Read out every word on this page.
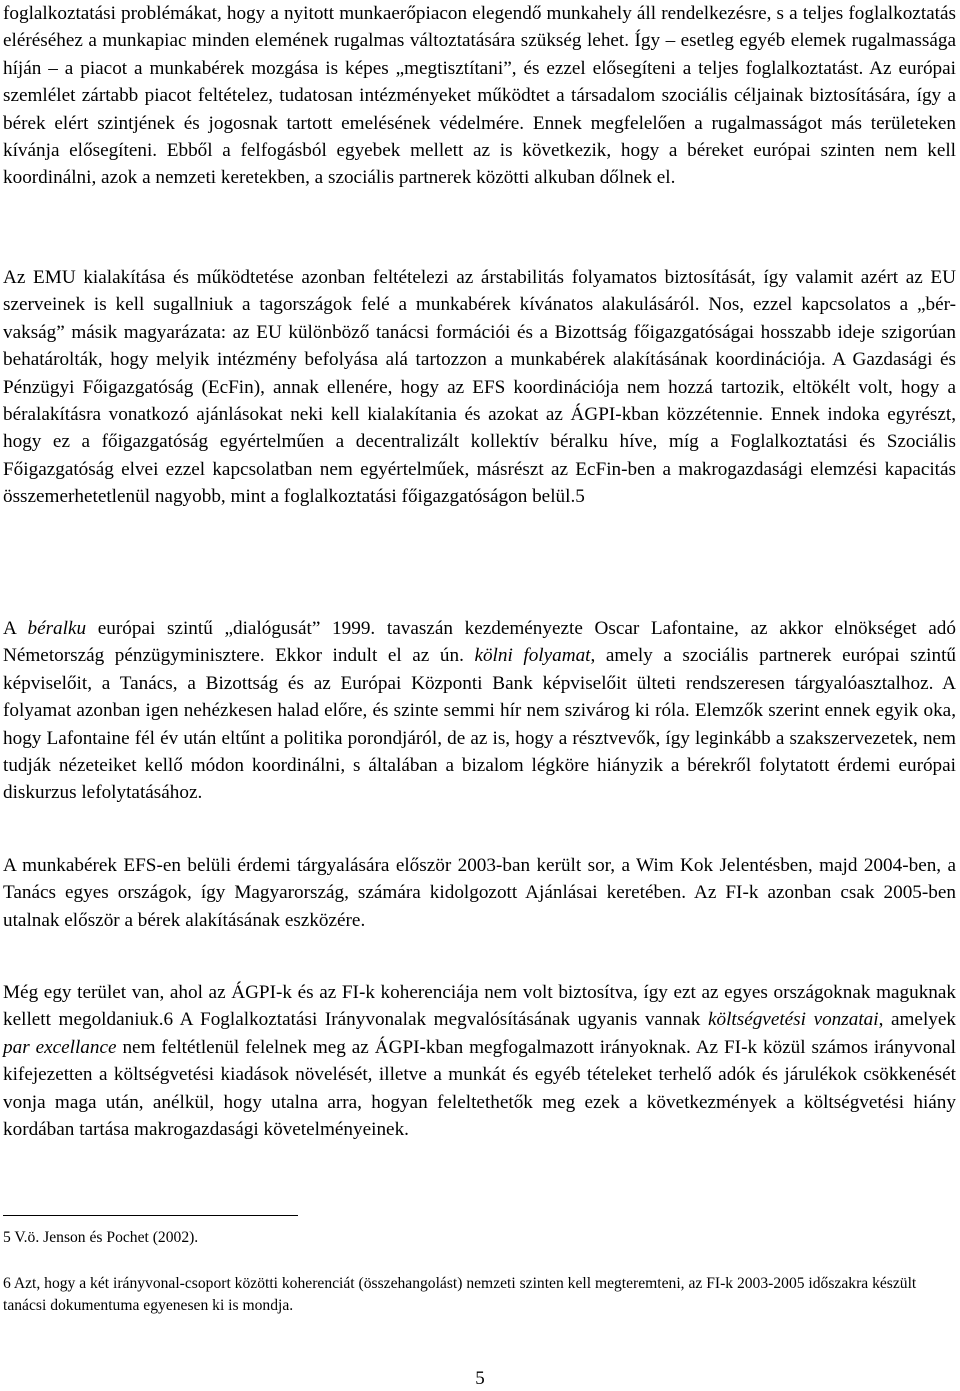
foglalkoztatási problémákat, hogy a nyitott munkaerőpiacon elegendő munkahely áll rendelkezésre, s a teljes foglalkoztatás eléréséhez a munkapiac minden elemének rugalmas változtatására szükség lehet. Így – esetleg egyéb elemek rugalmassága híján – a piacot a munkabérek mozgása is képes „megtisztítani”, és ezzel elősegíteni a teljes foglalkoztatást. Az európai szemlélet zártabb piacot feltételez, tudatosan intézményeket működtet a társadalom szociális céljainak biztosítására, így a bérek elért szintjének és jogosnak tartott emelésének védelmére. Ennek megfelelően a rugalmasságot más területeken kívánja elősegíteni. Ebből a felfogásból egyebek mellett az is következik, hogy a béreket európai szinten nem kell koordinálni, azok a nemzeti keretekben, a szociális partnerek közötti alkuban dőlnek el.

Az EMU kialakítása és működtetése azonban feltételezi az árstabilitás folyamatos biztosítását, így valamit azért az EU szerveinek is kell sugallniuk a tagországok felé a munkabérek kívánatos alakulásáról. Nos, ezzel kapcsolatos a „bér-vakság” másik magyarázata: az EU különböző tanácsi formációi és a Bizottság főigazgatóságai hosszabb ideje szigorúan behatárolták, hogy melyik intézmény befolyása alá tartozzon a munkabérek alakításának koordinációja. A Gazdasági és Pénzügyi Főigazgatóság (EcFin), annak ellenére, hogy az EFS koordinációja nem hozzá tartozik, eltökélt volt, hogy a béralakításra vonatkozó ajánlásokat neki kell kialakítania és azokat az ÁGPI-kban közzétennie. Ennek indoka egyrészt, hogy ez a főigazgatóság egyértelműen a decentralizált kollektív béralku híve, míg a Foglalkoztatási és Szociális Főigazgatóság elvei ezzel kapcsolatban nem egyértelműek, másrészt az EcFin-ben a makrogazdasági elemzési kapacitás összemerhetetlenül nagyobb, mint a foglalkoztatási főigazgatóságon belül.5

A béralku európai szintű „dialógusát” 1999. tavaszán kezdeményezte Oscar Lafontaine, az akkor elnökséget adó Németország pénzügyminisztere. Ekkor indult el az ún. kölni folyamat, amely a szociális partnerek európai szintű képviselőit, a Tanács, a Bizottság és az Európai Központi Bank képviselőit ülteti rendszeresen tárgyalóasztalhoz. A folyamat azonban igen nehézkesen halad előre, és szinte semmi hír nem szivárog ki róla. Elemzők szerint ennek egyik oka, hogy Lafontaine fél év után eltűnt a politika porondjáról, de az is, hogy a résztvevők, így leginkább a szakszervezetek, nem tudják nézeteiket kellő módon koordinálni, s általában a bizalom légköre hiányzik a bérekről folytatott érdemi európai diskurzus lefolytatásához.

A munkabérek EFS-en belüli érdemi tárgyalására először 2003-ban került sor, a Wim Kok Jelentésben, majd 2004-ben, a Tanács egyes országok, így Magyarország, számára kidolgozott Ajánlásai keretében. Az FI-k azonban csak 2005-ben utalnak először a bérek alakításának eszközére.

Még egy terület van, ahol az ÁGPI-k és az FI-k koherenciája nem volt biztosítva, így ezt az egyes országoknak maguknak kellett megoldaniuk.6 A Foglalkoztatási Irányvonalak megvalósításának ugyanis vannak költségvetési vonzatai, amelyek par excellance nem feltétlenül felelnek meg az ÁGPI-kban megfogalmazott irányoknak. Az FI-k közül számos irányvonal kifejezetten a költségvetési kiadások növelését, illetve a munkát és egyéb tételeket terhelő adók és járulékok csökkenését vonja maga után, anélkül, hogy utalna arra, hogyan feleltethetők meg ezek a következmények a költségvetési hiány kordában tartása makrogazdasági követelményeinek.

5 V.ö. Jenson és Pochet (2002).

6 Azt, hogy a két irányvonal-csoport közötti koherenciát (összehangolást) nemzeti szinten kell megteremteni, az FI-k 2003-2005 időszakra készült tanácsi dokumentuma egyenesen ki is mondja.

5
